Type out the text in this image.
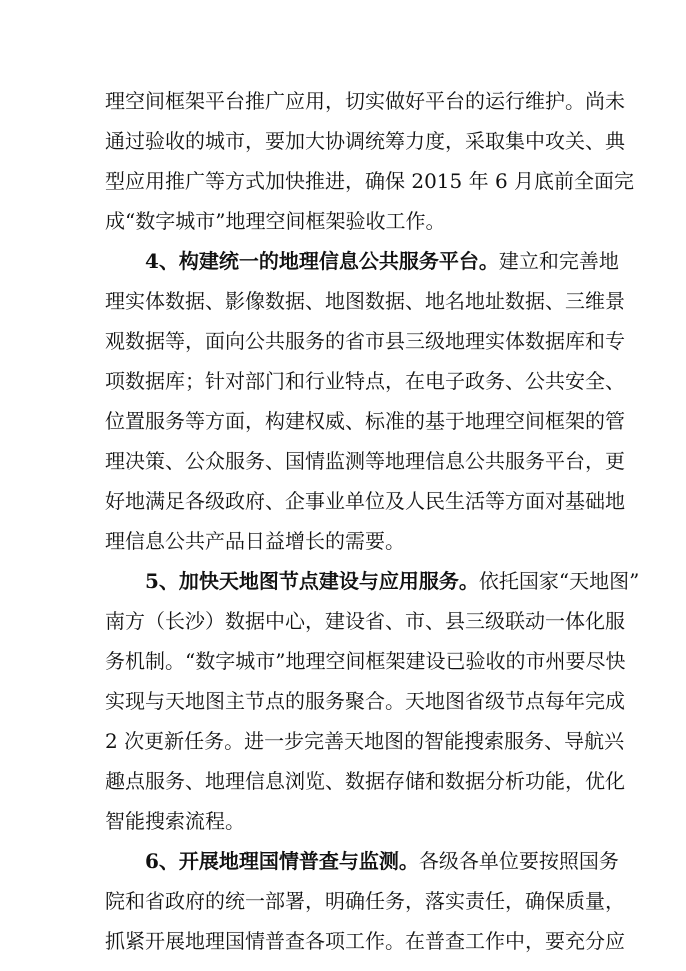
理空间框架平台推广应用，切实做好平台的运行维护。尚未
通过验收的城市，要加大协调统筹力度，采取集中攻关、典
型应用推广等方式加快推进，确保 2015 年 6 月底前全面完
成“数字城市”地理空间框架验收工作。
4、构建统一的地理信息公共服务平台。建立和完善地
理实体数据、影像数据、地图数据、地名地址数据、三维景
观数据等，面向公共服务的省市县三级地理实体数据库和专
项数据库；针对部门和行业特点，在电子政务、公共安全、
位置服务等方面，构建权威、标准的基于地理空间框架的管
理决策、公众服务、国情监测等地理信息公共服务平台，更
好地满足各级政府、企事业单位及人民生活等方面对基础地
理信息公共产品日益增长的需要。
5、加快天地图节点建设与应用服务。依托国家“天地图”
南方（长沙）数据中心，建设省、市、县三级联动一体化服
务机制。“数字城市”地理空间框架建设已验收的市州要尽快
实现与天地图主节点的服务聚合。天地图省级节点每年完成
2 次更新任务。进一步完善天地图的智能搜索服务、导航兴
趣点服务、地理信息浏览、数据存储和数据分析功能，优化
智能搜索流程。
6、开展地理国情普查与监测。各级各单位要按照国务
院和省政府的统一部署，明确任务，落实责任，确保质量，
抓紧开展地理国情普查各项工作。在普查工作中，要充分应
